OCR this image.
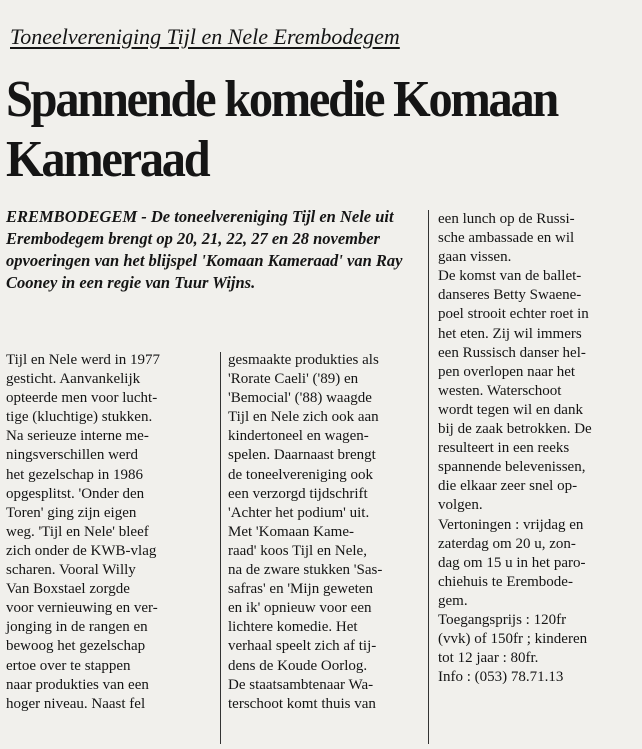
Toneelvereniging Tijl en Nele Erembodegem
Spannende komedie Komaan Kameraad

EREMBODEGEM - De toneelvereniging Tijl en Nele uit Erembodegem brengt op 20, 21, 22, 27 en 28 november opvoeringen van het blijspel 'Komaan Kameraad' van Ray Cooney in een regie van Tuur Wijns.

Tijl en Nele werd in 1977
gesticht. Aanvankelijk
opteerde men voor lucht-
tige (kluchtige) stukken.
Na serieuze interne me-
ningsverschillen werd
het gezelschap in 1986
opgesplitst. 'Onder den
Toren' ging zijn eigen
weg. 'Tijl en Nele' bleef
zich onder de KWB-vlag
scharen. Vooral Willy
Van Boxstael zorgde
voor vernieuwing en ver-
jonging in de rangen en
bewoog het gezelschap
ertoe over te stappen
naar produkties van een
hoger niveau. Naast fel

gesmaakte produkties als
'Rorate Caeli' ('89) en
'Bemocial' ('88) waagde
Tijl en Nele zich ook aan
kindertoneel en wagen-
spelen. Daarnaast brengt
de toneelvereniging ook
een verzorgd tijdschrift
'Achter het podium' uit.
Met 'Komaan Kame-
raad' koos Tijl en Nele,
na de zware stukken 'Sas-
safras' en 'Mijn geweten
en ik' opnieuw voor een
lichtere komedie. Het
verhaal speelt zich af tij-
dens de Koude Oorlog.
De staatsambtenaar Wa-
terschoot komt thuis van

een lunch op de Russi-
sche ambassade en wil
gaan vissen.
De komst van de ballet-
danseres Betty Swaene-
poel strooit echter roet in
het eten. Zij wil immers
een Russisch danser hel-
pen overlopen naar het
westen. Waterschoot
wordt tegen wil en dank
bij de zaak betrokken. De
resulteert in een reeks
spannende belevenissen,
die elkaar zeer snel op-
volgen.
Vertoningen : vrijdag en
zaterdag om 20 u, zon-
dag om 15 u in het paro-
chiehuis te Erembode-
gem.
Toegangsprijs : 120fr
(vvk) of 150fr ; kinderen
tot 12 jaar : 80fr.
Info : (053) 78.71.13
